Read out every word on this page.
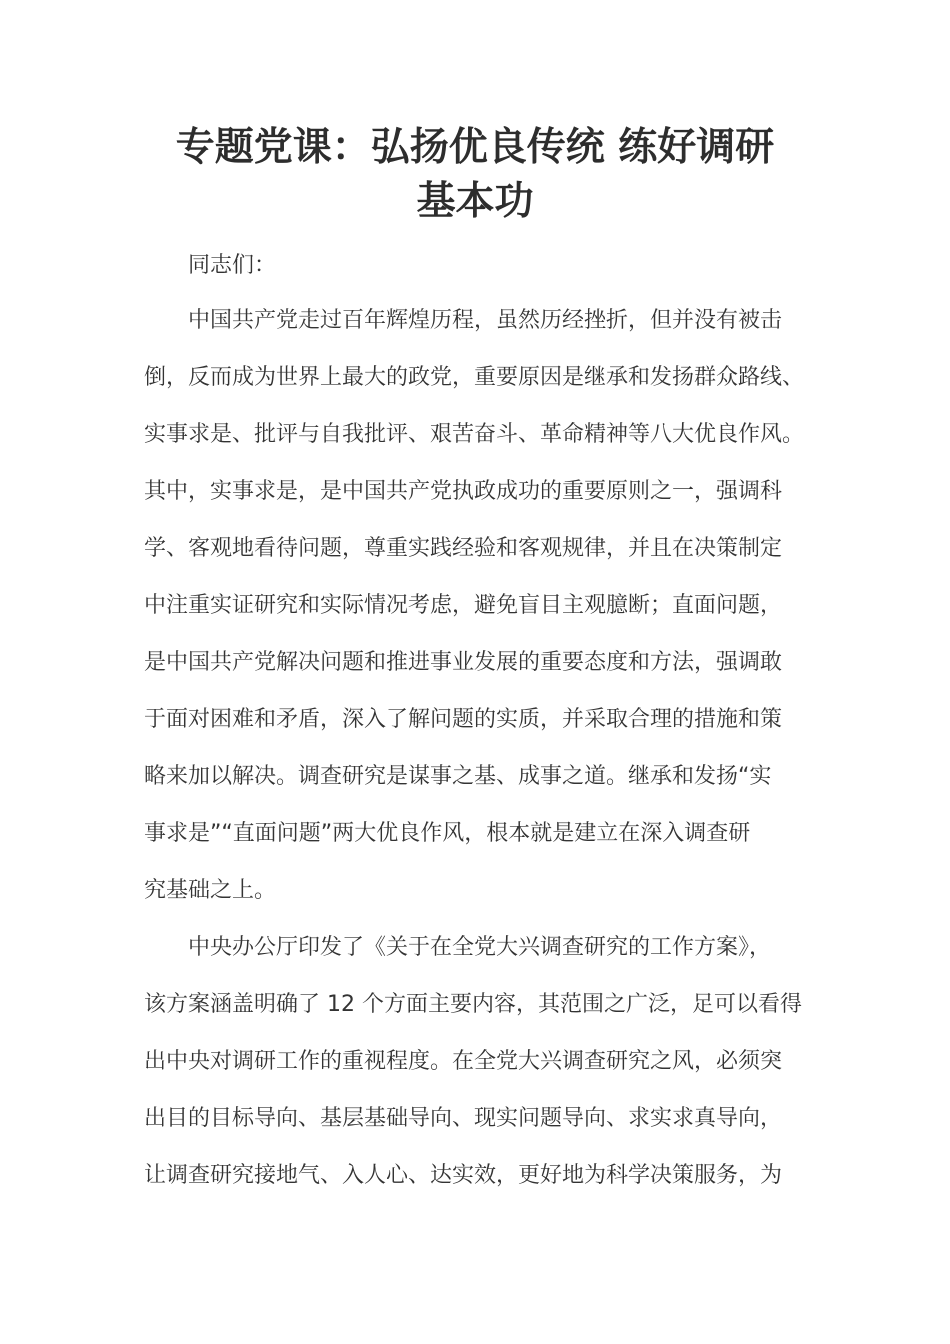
专题党课：弘扬优良传统 练好调研
基本功
同志们：
中国共产党走过百年辉煌历程，虽然历经挫折，但并没有被击
倒，反而成为世界上最大的政党，重要原因是继承和发扬群众路线、
实事求是、批评与自我批评、艰苦奋斗、革命精神等八大优良作风。
其中，实事求是，是中国共产党执政成功的重要原则之一，强调科
学、客观地看待问题，尊重实践经验和客观规律，并且在决策制定
中注重实证研究和实际情况考虑，避免盲目主观臆断；直面问题，
是中国共产党解决问题和推进事业发展的重要态度和方法，强调敢
于面对困难和矛盾，深入了解问题的实质，并采取合理的措施和策
略来加以解决。调查研究是谋事之基、成事之道。继承和发扬“实
事求是”“直面问题”两大优良作风，根本就是建立在深入调查研
究基础之上。
中央办公厅印发了《关于在全党大兴调查研究的工作方案》，
该方案涵盖明确了 12 个方面主要内容，其范围之广泛，足可以看得
出中央对调研工作的重视程度。在全党大兴调查研究之风，必须突
出目的目标导向、基层基础导向、现实问题导向、求实求真导向，
让调查研究接地气、入人心、达实效，更好地为科学决策服务，为
